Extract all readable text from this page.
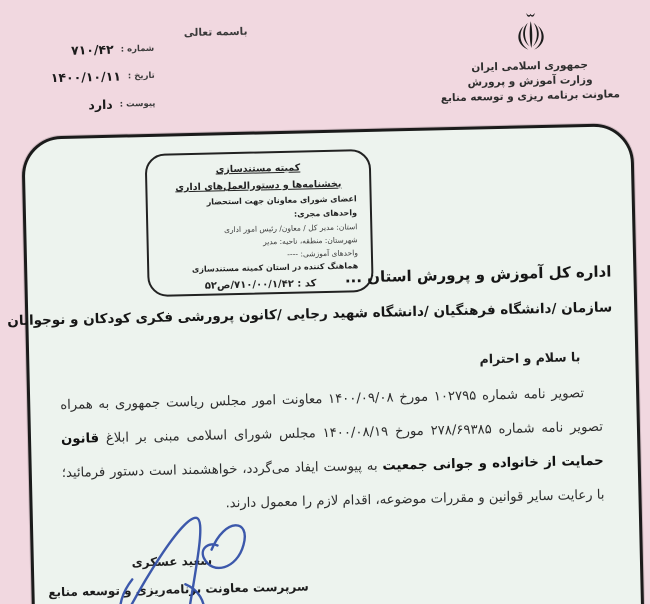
باسمه تعالی
جمهوری اسلامی ایران
وزارت آموزش و پرورش
معاونت برنامه ریزی و توسعه منابع
شماره :
۷۱۰/۴۲
تاریخ :
۱۴۰۰/۱۰/۱۱
پیوست :
دارد
کمیته مستندسازی
بخشنامه‌ها و دستورالعمل‌های اداری
اعضای شورای معاونان جهت استحضار
واحدهای مجری:
استان: مدیر کل / معاون/ رئیس امور اداری
شهرستان: منطقه، ناحیه: مدیر
واحدهای آموزشی: ----
هماهنگ کننده در استان کمیته مستندسازی
کد : ۷۱۰/۰۰/۱/۴۲/ص۵۲	اداره کل آموزش و پرورش استان ...
سازمان /دانشگاه فرهنگیان /دانشگاه شهید رجایی /کانون پرورشی فکری کودکان و نوجوانان
با سلام و احترام
تصویر نامه شماره ۱۰۲۷۹۵ مورخ ۱۴۰۰/۰۹/۰۸ معاونت امور مجلس ریاست جمهوری به همراه تصویر نامه شماره ۲۷۸/۶۹۳۸۵ مورخ ۱۴۰۰/۰۸/۱۹ مجلس شورای اسلامی مبنی بر ابلاغ قانون حمایت از خانواده و جوانی جمعیت به پیوست ایفاد می‌گردد، خواهشمند است دستور فرمائید؛ با رعایت سایر قوانین و مقررات موضوعه، اقدام لازم را معمول دارند.
سعید عسکری
سرپرست معاونت برنامه‌ریزی و توسعه منابع
